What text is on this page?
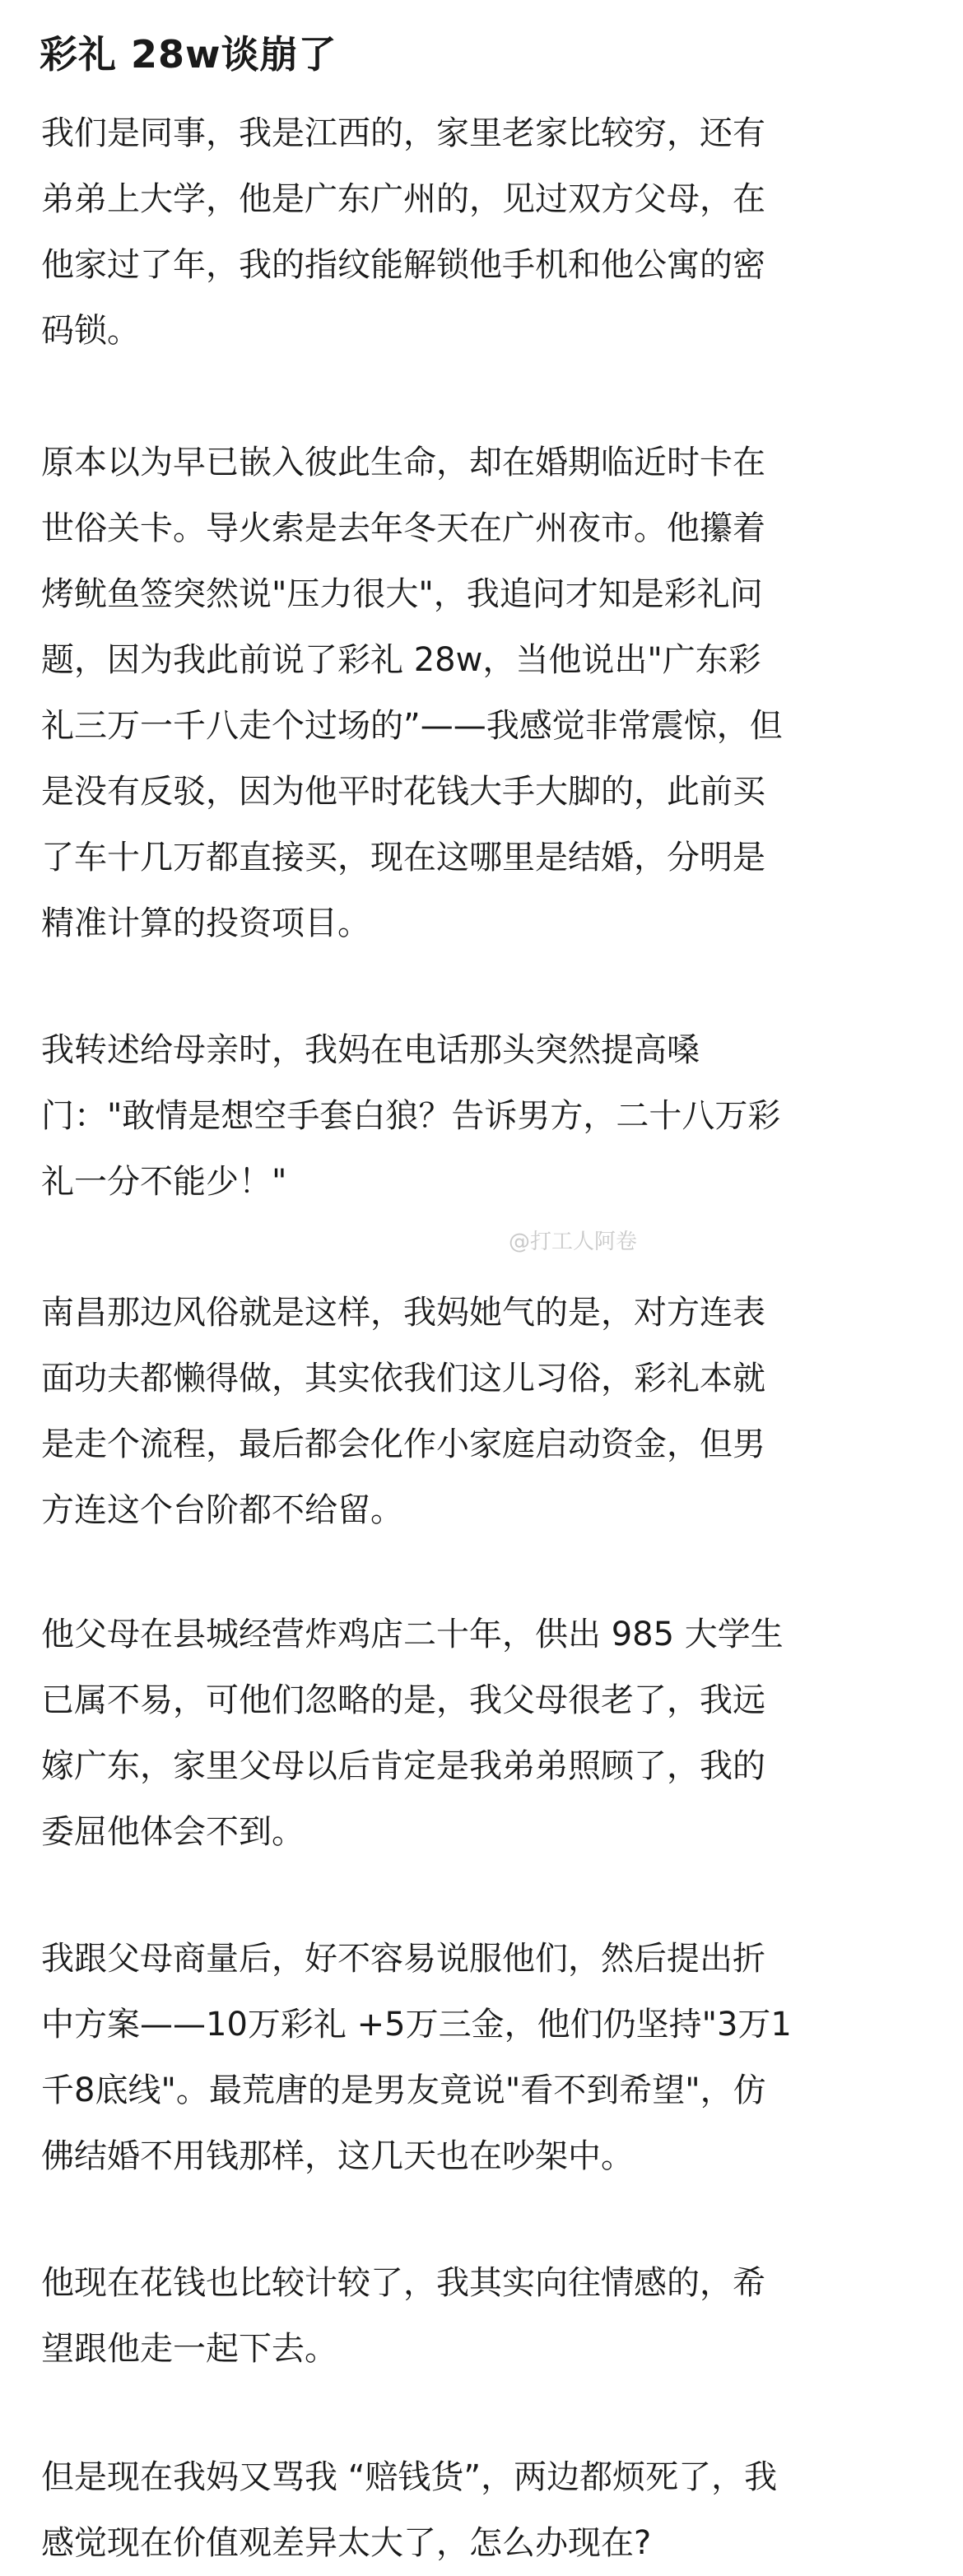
彩礼 28w谈崩了
我们是同事，我是江西的，家里老家比较穷，还有
弟弟上大学，他是广东广州的，见过双方父母，在
他家过了年，我的指纹能解锁他手机和他公寓的密
码锁。
原本以为早已嵌入彼此生命，却在婚期临近时卡在
世俗关卡。导火索是去年冬天在广州夜市。他攥着
烤鱿鱼签突然说"压力很大"，我追问才知是彩礼问
题，因为我此前说了彩礼 28w，当他说出"广东彩
礼三万一千八走个过场的”——我感觉非常震惊，但
是没有反驳，因为他平时花钱大手大脚的，此前买
了车十几万都直接买，现在这哪里是结婚，分明是
精准计算的投资项目。
我转述给母亲时，我妈在电话那头突然提高嗓
门："敢情是想空手套白狼？告诉男方，二十八万彩
礼一分不能少！"
南昌那边风俗就是这样，我妈她气的是，对方连表
面功夫都懒得做，其实依我们这儿习俗，彩礼本就
是走个流程，最后都会化作小家庭启动资金，但男
方连这个台阶都不给留。
他父母在县城经营炸鸡店二十年，供出 985 大学生
已属不易，可他们忽略的是，我父母很老了，我远
嫁广东，家里父母以后肯定是我弟弟照顾了，我的
委屈他体会不到。
我跟父母商量后，好不容易说服他们，然后提出折
中方案——10万彩礼 +5万三金，他们仍坚持"3万1
千8底线"。最荒唐的是男友竟说"看不到希望"，仿
佛结婚不用钱那样，这几天也在吵架中。
他现在花钱也比较计较了，我其实向往情感的，希
望跟他走一起下去。
但是现在我妈又骂我 “赔钱货”，两边都烦死了，我
感觉现在价值观差异太大了，怎么办现在?
@打工人阿卷
